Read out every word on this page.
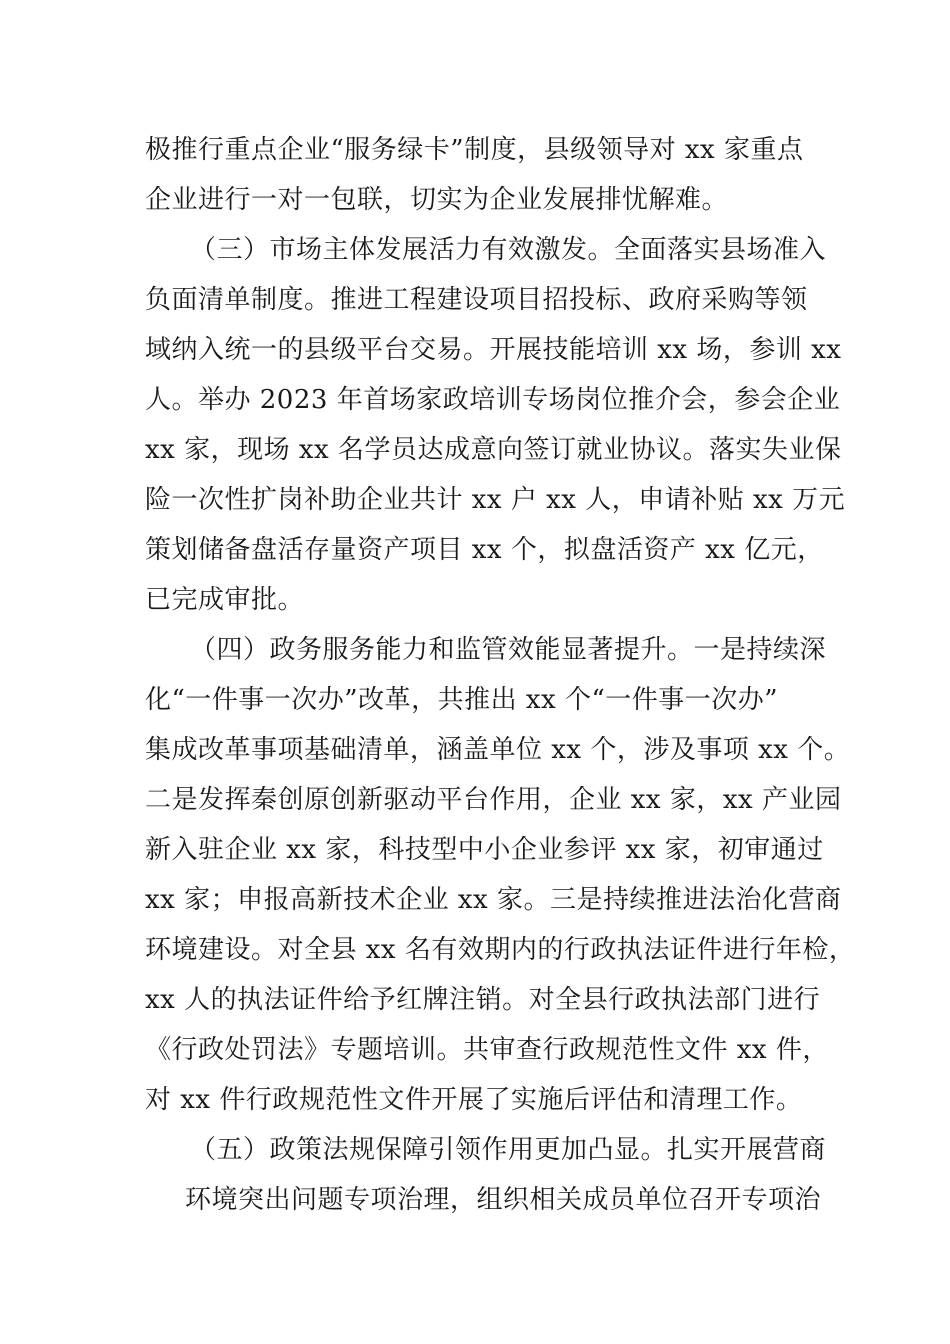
极推行重点企业“服务绿卡”制度，县级领导对 xx 家重点
企业进行一对一包联，切实为企业发展排忧解难。
（三）市场主体发展活力有效激发。全面落实县场准入
负面清单制度。推进工程建设项目招投标、政府采购等领
域纳入统一的县级平台交易。开展技能培训 xx 场，参训 xx
人。举办 2023 年首场家政培训专场岗位推介会，参会企业
xx 家，现场 xx 名学员达成意向签订就业协议。落实失业保
险一次性扩岗补助企业共计 xx 户 xx 人，申请补贴 xx 万元
策划储备盘活存量资产项目 xx 个，拟盘活资产 xx 亿元，
已完成审批。
（四）政务服务能力和监管效能显著提升。一是持续深
化“一件事一次办”改革，共推出 xx 个“一件事一次办”
集成改革事项基础清单，涵盖单位 xx 个，涉及事项 xx 个。
二是发挥秦创原创新驱动平台作用，企业 xx 家，xx 产业园
新入驻企业 xx 家，科技型中小企业参评 xx 家，初审通过
xx 家；申报高新技术企业 xx 家。三是持续推进法治化营商
环境建设。对全县 xx 名有效期内的行政执法证件进行年检，
xx 人的执法证件给予红牌注销。对全县行政执法部门进行
《行政处罚法》专题培训。共审查行政规范性文件 xx 件，
对 xx 件行政规范性文件开展了实施后评估和清理工作。
（五）政策法规保障引领作用更加凸显。扎实开展营商
环境突出问题专项治理，组织相关成员单位召开专项治
